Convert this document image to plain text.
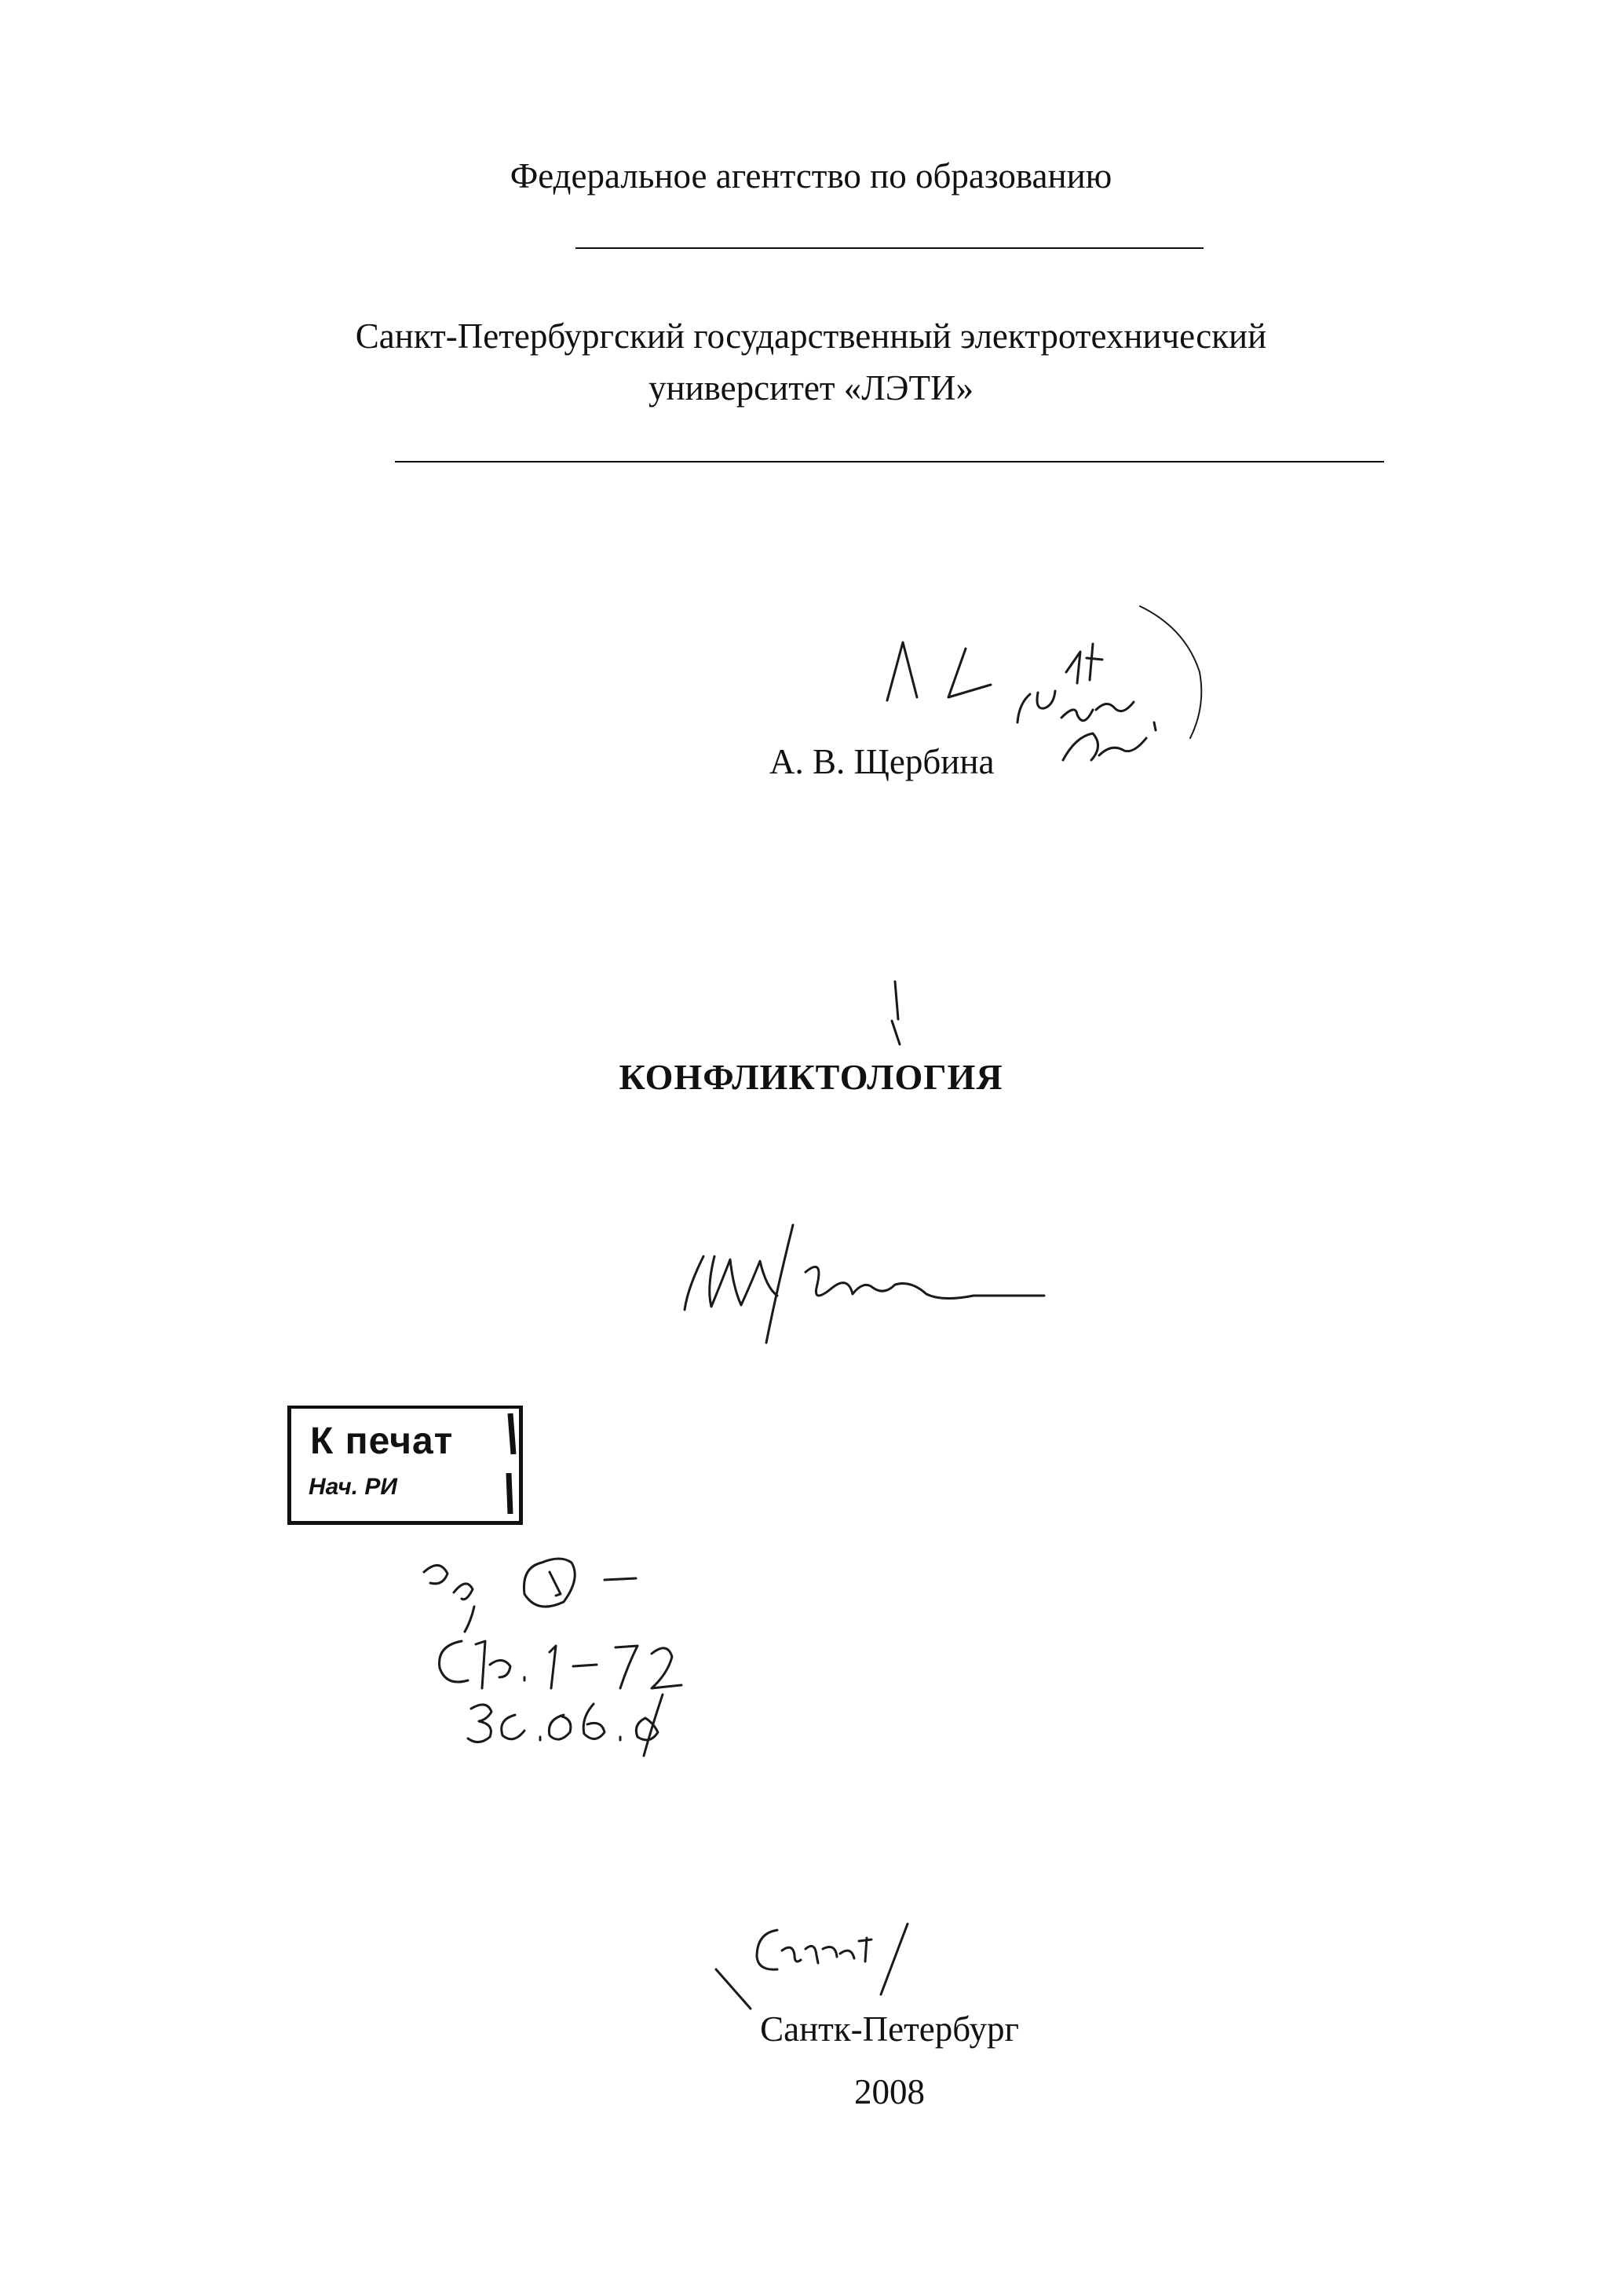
Федеральное агентство по образованию
Санкт-Петербургский государственный электротехнический
университет «ЛЭТИ»
А. В. Щербина
КОНФЛИКТОЛОГИЯ
К печат
Нач. РИ
Сантк-Петербург
2008
